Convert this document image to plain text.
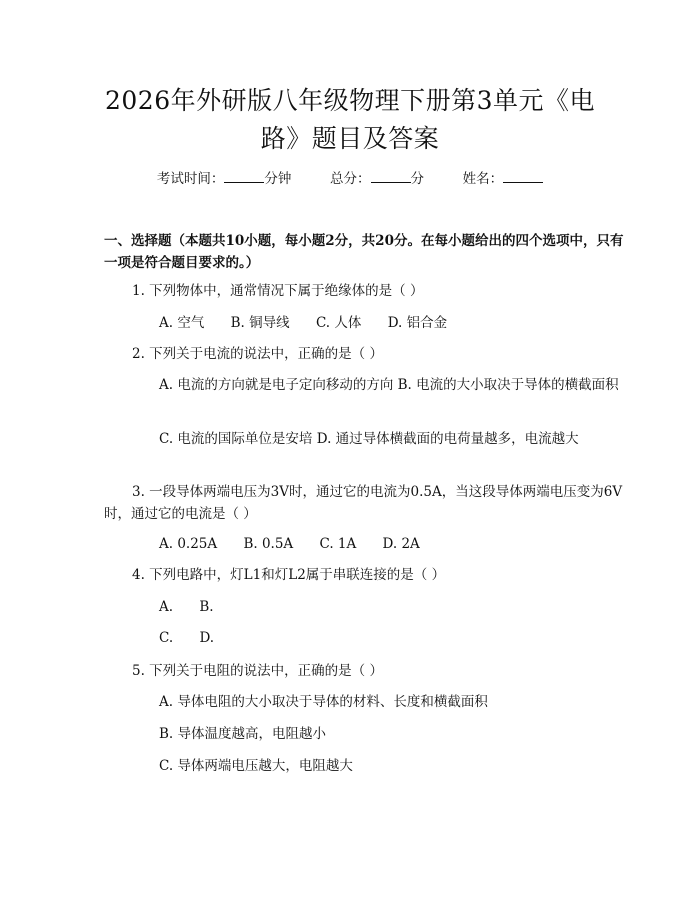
2026年外研版八年级物理下册第3单元《电路》题目及答案
考试时间：	分钟	总分：	分	姓名：
一、选择题（本题共10小题，每小题2分，共20分。在每小题给出的四个选项中，只有一项是符合题目要求的。）
1. 下列物体中，通常情况下属于绝缘体的是（ ）
A. 空气 B. 铜导线 C. 人体 D. 铝合金
2. 下列关于电流的说法中，正确的是（ ）
A. 电流的方向就是电子定向移动的方向 B. 电流的大小取决于导体的横截面积
C. 电流的国际单位是安培 D. 通过导体横截面的电荷量越多，电流越大
3. 一段导体两端电压为3V时，通过它的电流为0.5A，当这段导体两端电压变为6V时，通过它的电流是（ ）
A. 0.25A B. 0.5A C. 1A D. 2A
4. 下列电路中，灯L1和灯L2属于串联连接的是（ ）
A. B.
C. D.
5. 下列关于电阻的说法中，正确的是（ ）
A. 导体电阻的大小取决于导体的材料、长度和横截面积
B. 导体温度越高，电阻越小
C. 导体两端电压越大，电阻越大
